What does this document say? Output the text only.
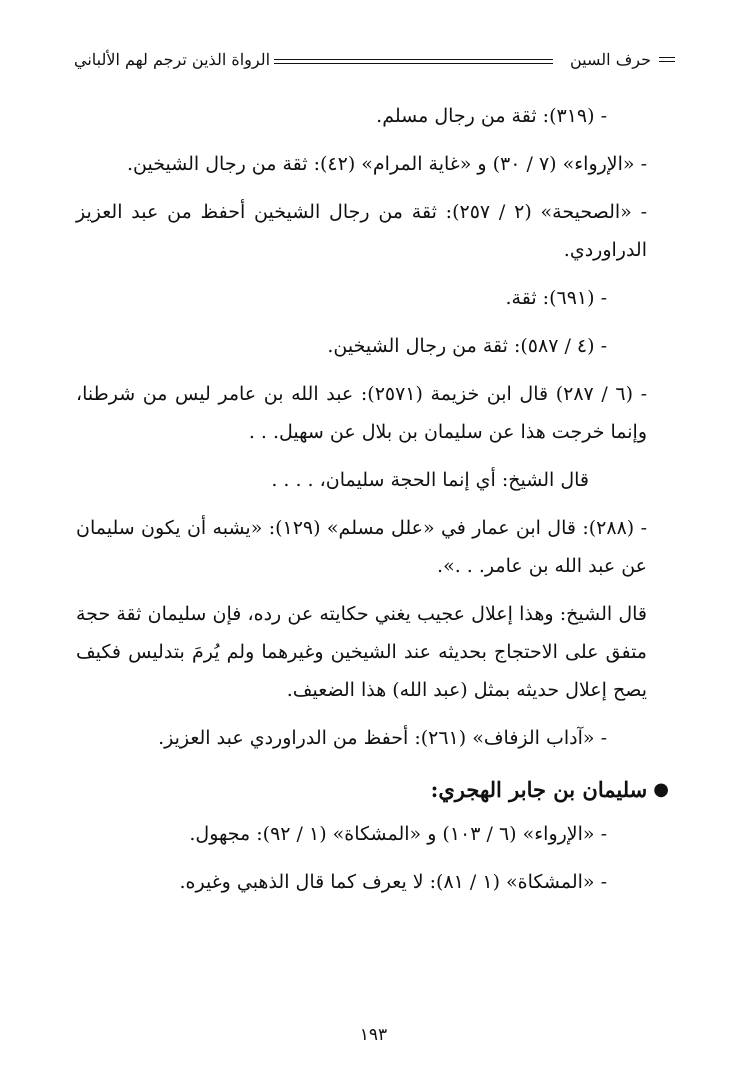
حرف السين
الرواة الذين ترجم لهم الألباني

- (٣١٩): ثقة من رجال مسلم.

- «الإرواء» (٧ / ٣٠) و «غاية المرام» (٤٢): ثقة من رجال الشيخين.

- «الصحيحة» (٢ / ٢٥٧): ثقة من رجال الشيخين أحفظ من عبد العزيز الدراوردي.

- (٦٩١): ثقة.

- (٤ / ٥٨٧): ثقة من رجال الشيخين.

- (٦ / ٢٨٧) قال ابن خزيمة (٢٥٧١): عبد الله بن عامر ليس من شرطنا، وإنما خرجت هذا عن سليمان بن بلال عن سهيل. . .

قال الشيخ: أي إنما الحجة سليمان، . . . .

- (٢٨٨): قال ابن عمار في «علل مسلم» (١٢٩): «يشبه أن يكون سليمان عن عبد الله بن عامر. . .».

قال الشيخ: وهذا إعلال عجيب يغني حكايته عن رده، فإن سليمان ثقة حجة متفق على الاحتجاج بحديثه عند الشيخين وغيرهما ولم يُرمَ بتدليس فكيف يصح إعلال حديثه بمثل (عبد الله) هذا الضعيف.

- «آداب الزفاف» (٢٦١): أحفظ من الدراوردي عبد العزيز.

●
سليمان بن جابر الهجري:

- «الإرواء» (٦ / ١٠٣) و «المشكاة» (١ / ٩٢): مجهول.

- «المشكاة» (١ / ٨١): لا يعرف كما قال الذهبي وغيره.

١٩٣
